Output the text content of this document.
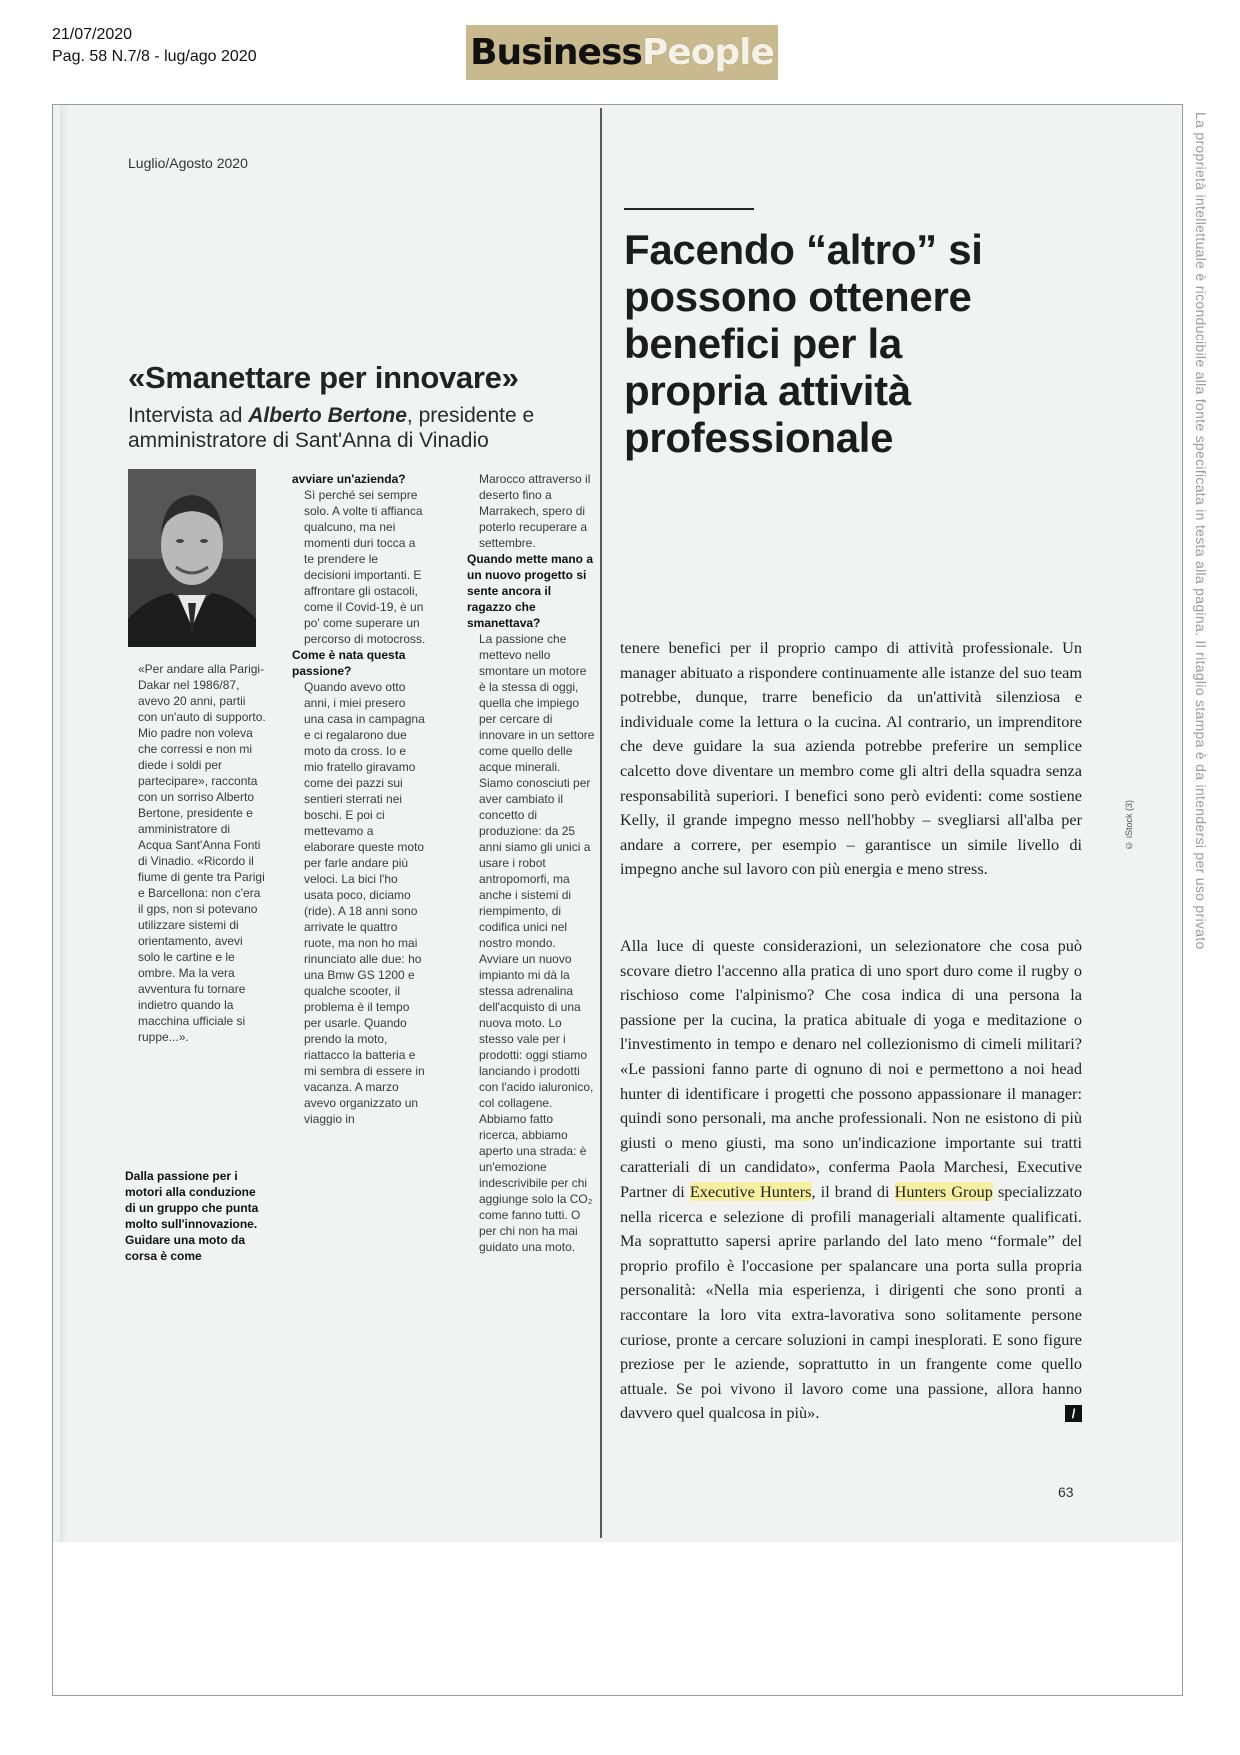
21/07/2020
Pag. 58 N.7/8 - lug/ago 2020	Business People
La proprietà intellettuale è riconducibile alla fonte specificata in testa alla pagina. Il ritaglio stampa è da intendersi per uso privato
Luglio/Agosto 2020
«Smanettare per innovare»
Intervista ad Alberto Bertone, presidente e amministratore di Sant'Anna di Vinadio

«Per andare alla Parigi-Dakar nel 1986/87, avevo 20 anni, partii con un'auto di supporto. Mio padre non voleva che corressi e non mi diede i soldi per partecipare», racconta con un sorriso Alberto Bertone, presidente e amministratore di Acqua Sant'Anna Fonti di Vinadio. «Ricordo il fiume di gente tra Parigi e Barcellona: non c'era il gps, non si potevano utilizzare sistemi di orientamento, avevi solo le cartine e le ombre. Ma la vera avventura fu tornare indietro quando la macchina ufficiale si ruppe...».

Dalla passione per i motori alla conduzione di un gruppo che punta molto sull'innovazione. Guidare una moto da corsa è come

avviare un'azienda?

Sì perché sei sempre solo. A volte ti affianca qualcuno, ma nei momenti duri tocca a te prendere le decisioni importanti. E affrontare gli ostacoli, come il Covid-19, è un po' come superare un percorso di motocross.

Come è nata questa passione?

Quando avevo otto anni, i miei presero una casa in campagna e ci regalarono due moto da cross. Io e mio fratello giravamo come dei pazzi sui sentieri sterrati nei boschi. E poi ci mettevamo a elaborare queste moto per farle andare più veloci. La bici l'ho usata poco, diciamo (ride). A 18 anni sono arrivate le quattro ruote, ma non ho mai rinunciato alle due: ho una Bmw GS 1200 e qualche scooter, il problema è il tempo per usarle. Quando prendo la moto, riattacco la batteria e mi sembra di essere in vacanza. A marzo avevo organizzato un viaggio in

Marocco attraverso il deserto fino a Marrakech, spero di poterlo recuperare a settembre.

Quando mette mano a un nuovo progetto si sente ancora il ragazzo che smanettava?

La passione che mettevo nello smontare un motore è la stessa di oggi, quella che impiego per cercare di innovare in un settore come quello delle acque minerali. Siamo conosciuti per aver cambiato il concetto di produzione: da 25 anni siamo gli unici a usare i robot antropomorfi, ma anche i sistemi di riempimento, di codifica unici nel nostro mondo. Avviare un nuovo impianto mi dà la stessa adrenalina dell'acquisto di una nuova moto. Lo stesso vale per i prodotti: oggi stiamo lanciando i prodotti con l'acido ialuronico, col collagene. Abbiamo fatto ricerca, abbiamo aperto una strada: è un'emozione indescrivibile per chi aggiunge solo la CO₂ come fanno tutti. O per chi non ha mai guidato una moto.

Facendo “altro” si possono ottenere benefici per la propria attività professionale

tenere benefici per il proprio campo di attività professionale. Un manager abituato a rispondere continuamente alle istanze del suo team potrebbe, dunque, trarre beneficio da un'attività silenziosa e individuale come la lettura o la cucina. Al contrario, un imprenditore che deve guidare la sua azienda potrebbe preferire un semplice calcetto dove diventare un membro come gli altri della squadra senza responsabilità superiori. I benefici sono però evidenti: come sostiene Kelly, il grande impegno messo nell'hobby – svegliarsi all'alba per andare a correre, per esempio – garantisce un simile livello di impegno anche sul lavoro con più energia e meno stress.

Alla luce di queste considerazioni, un selezionatore che cosa può scovare dietro l'accenno alla pratica di uno sport duro come il rugby o rischioso come l'alpinismo? Che cosa indica di una persona la passione per la cucina, la pratica abituale di yoga e meditazione o l'investimento in tempo e denaro nel collezionismo di cimeli militari? «Le passioni fanno parte di ognuno di noi e permettono a noi head hunter di identificare i progetti che possono appassionare il manager: quindi sono personali, ma anche professionali. Non ne esistono di più giusti o meno giusti, ma sono un'indicazione importante sui tratti caratteriali di un candidato», conferma Paola Marchesi, Executive Partner di Executive Hunters, il brand di Hunters Group specializzato nella ricerca e selezione di profili manageriali altamente qualificati. Ma soprattutto sapersi aprire parlando del lato meno “formale” del proprio profilo è l'occasione per spalancare una porta sulla propria personalità: «Nella mia esperienza, i dirigenti che sono pronti a raccontare la loro vita extra-lavorativa sono solitamente persone curiose, pronte a cercare soluzioni in campi inesplorati. E sono figure preziose per le aziende, soprattutto in un frangente come quello attuale. Se poi vivono il lavoro come una passione, allora hanno davvero quel qualcosa in più».	/

© iStock (3)
63
